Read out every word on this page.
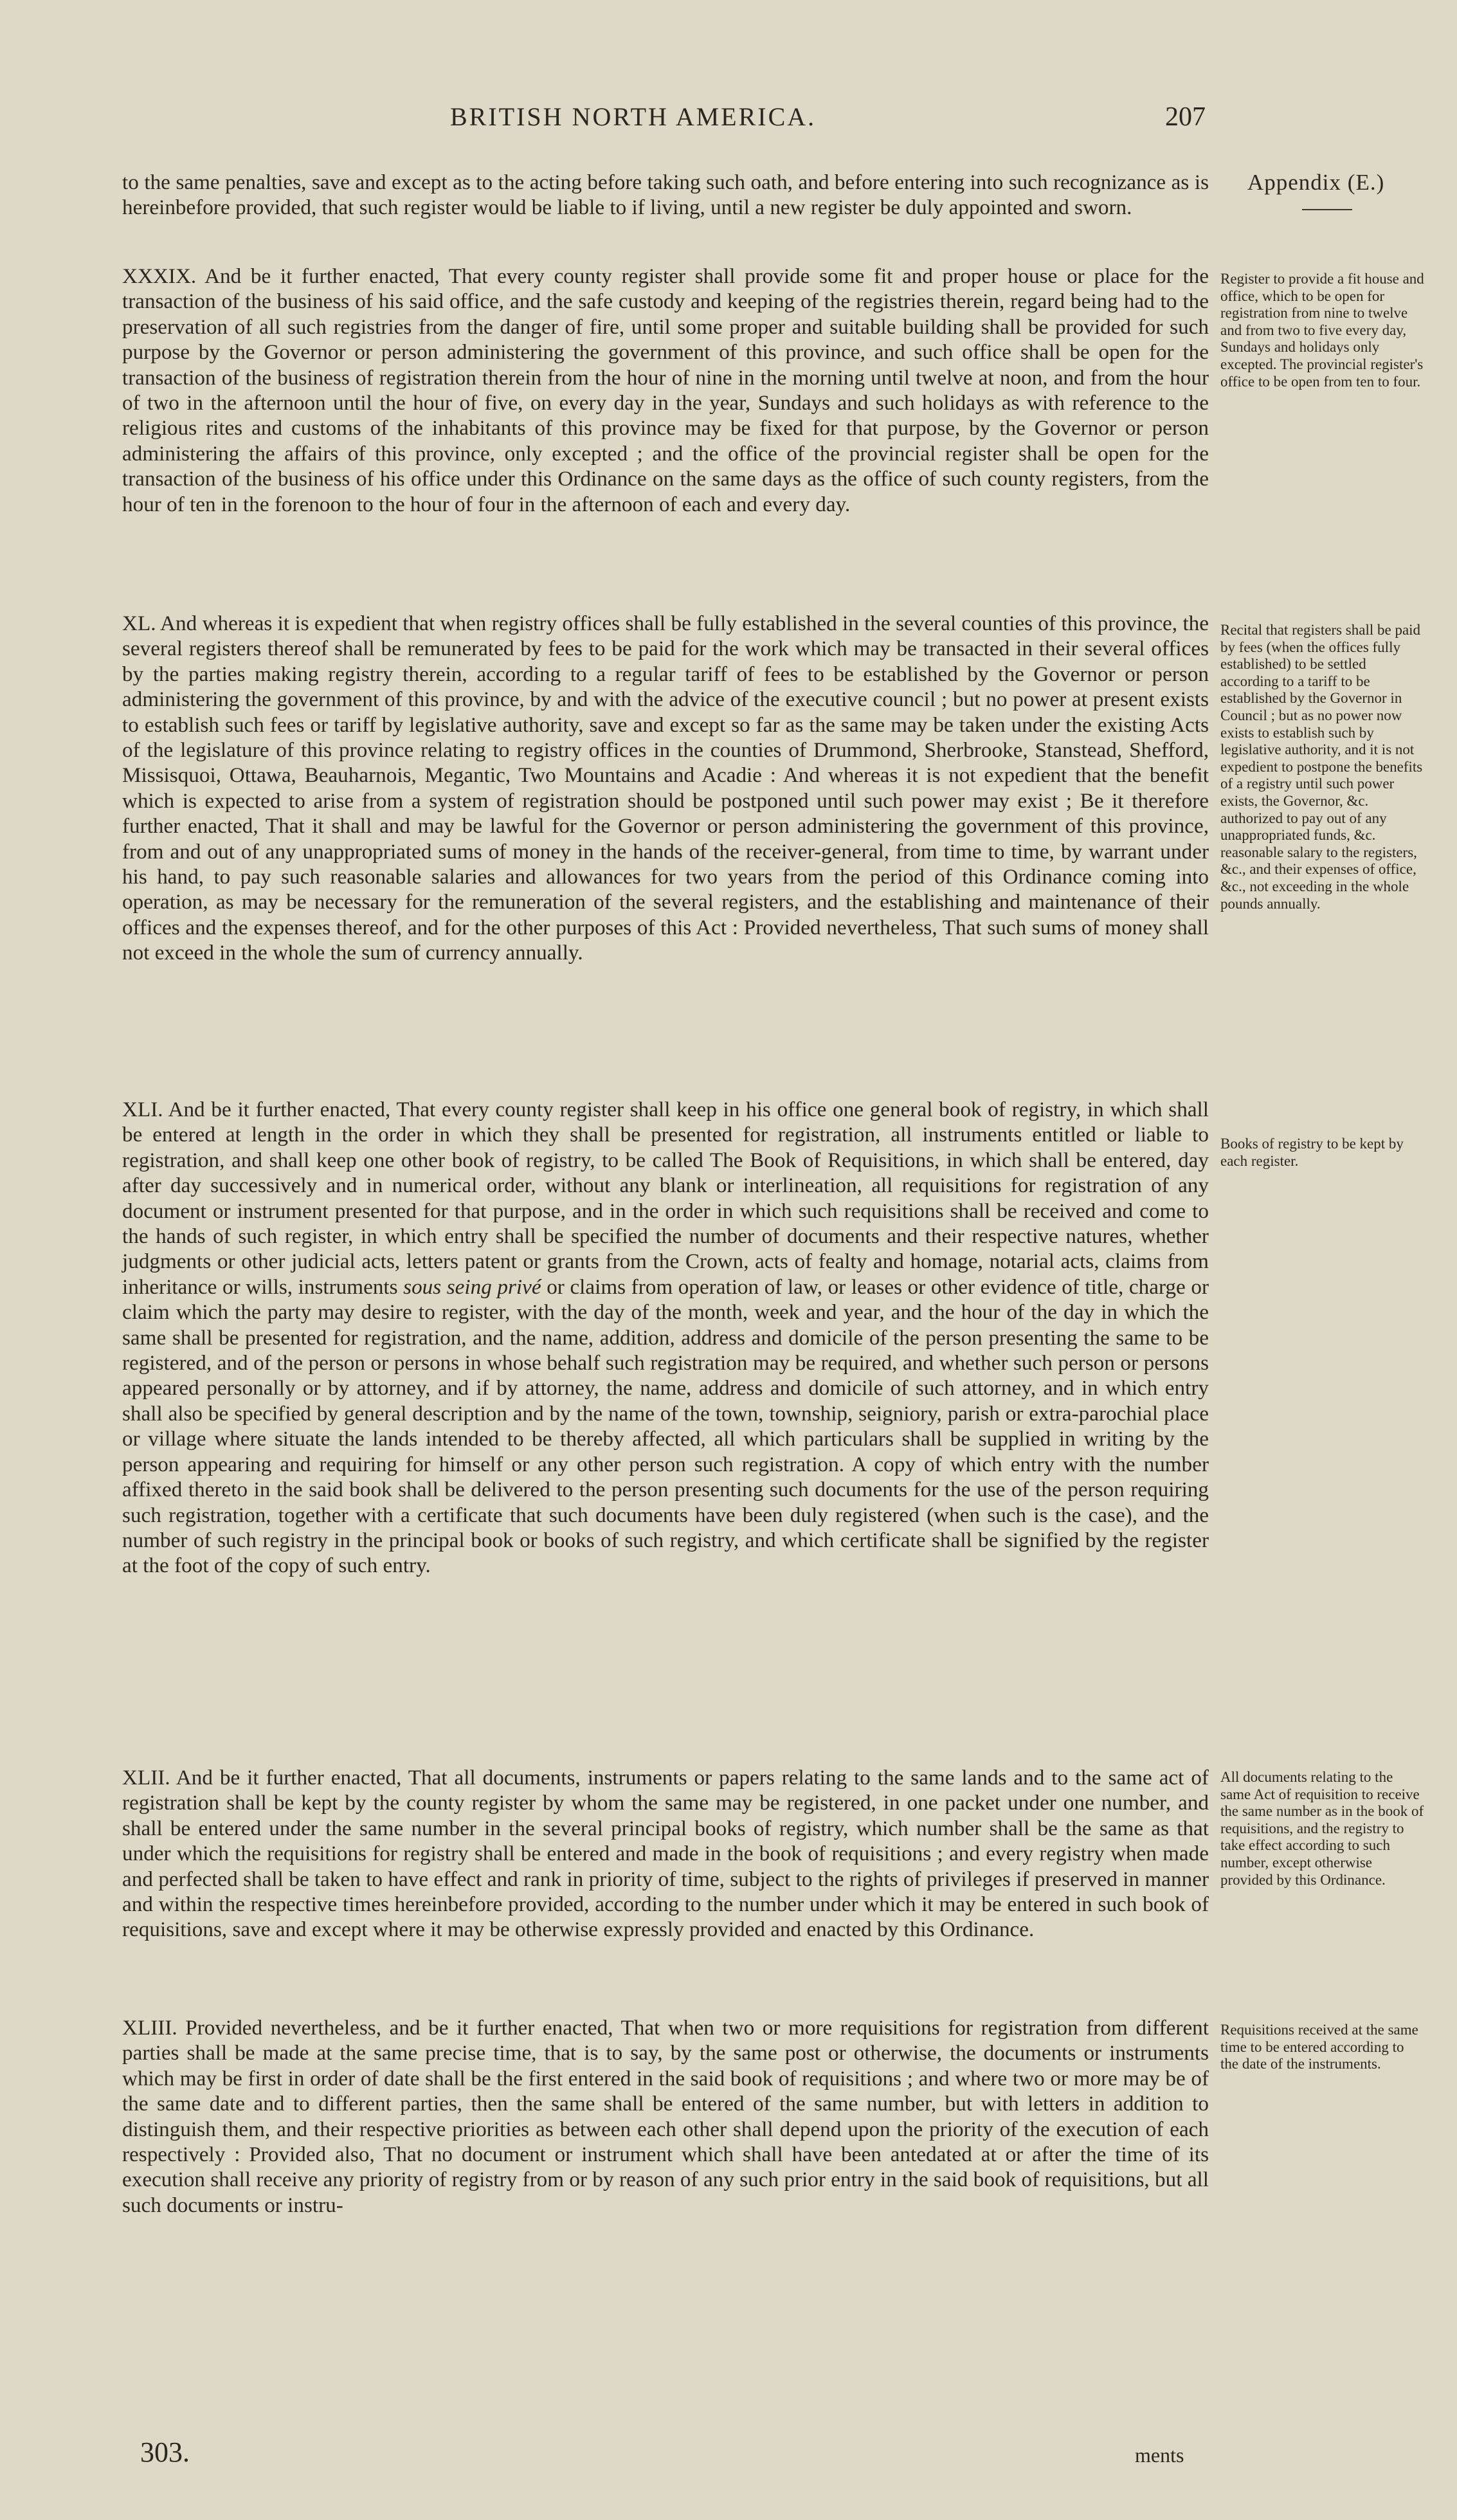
BRITISH NORTH AMERICA.	207
Appendix (E.)

to the same penalties, save and except as to the acting before taking such oath, and before entering into such recognizance as is hereinbefore provided, that such register would be liable to if living, until a new register be duly appointed and sworn.

XXXIX. And be it further enacted, That every county register shall provide some fit and proper house or place for the transaction of the business of his said office, and the safe custody and keeping of the registries therein, regard being had to the preservation of all such registries from the danger of fire, until some proper and suitable building shall be provided for such purpose by the Governor or person administering the government of this province, and such office shall be open for the transaction of the business of registration therein from the hour of nine in the morning until twelve at noon, and from the hour of two in the afternoon until the hour of five, on every day in the year, Sundays and such holidays as with reference to the religious rites and customs of the inhabitants of this province may be fixed for that purpose, by the Governor or person administering the affairs of this province, only excepted ; and the office of the provincial register shall be open for the transaction of the business of his office under this Ordinance on the same days as the office of such county registers, from the hour of ten in the forenoon to the hour of four in the afternoon of each and every day.

XL. And whereas it is expedient that when registry offices shall be fully established in the several counties of this province, the several registers thereof shall be remunerated by fees to be paid for the work which may be transacted in their several offices by the parties making registry therein, according to a regular tariff of fees to be established by the Governor or person administering the government of this province, by and with the advice of the executive council ; but no power at present exists to establish such fees or tariff by legislative authority, save and except so far as the same may be taken under the existing Acts of the legislature of this province relating to registry offices in the counties of Drummond, Sherbrooke, Stanstead, Shefford, Missisquoi, Ottawa, Beauharnois, Megantic, Two Mountains and Acadie : And whereas it is not expedient that the benefit which is expected to arise from a system of registration should be postponed until such power may exist ; Be it therefore further enacted, That it shall and may be lawful for the Governor or person administering the government of this province, from and out of any unappropriated sums of money in the hands of the receiver-general, from time to time, by warrant under his hand, to pay such reasonable salaries and allowances for two years from the period of this Ordinance coming into operation, as may be necessary for the remuneration of the several registers, and the establishing and maintenance of their offices and the expenses thereof, and for the other purposes of this Act : Provided nevertheless, That such sums of money shall not exceed in the whole the sum of currency annually.

XLI. And be it further enacted, That every county register shall keep in his office one general book of registry, in which shall be entered at length in the order in which they shall be presented for registration, all instruments entitled or liable to registration, and shall keep one other book of registry, to be called The Book of Requisitions, in which shall be entered, day after day successively and in numerical order, without any blank or interlineation, all requisitions for registration of any document or instrument presented for that purpose, and in the order in which such requisitions shall be received and come to the hands of such register, in which entry shall be specified the number of documents and their respective natures, whether judgments or other judicial acts, letters patent or grants from the Crown, acts of fealty and homage, notarial acts, claims from inheritance or wills, instruments sous seing privé or claims from operation of law, or leases or other evidence of title, charge or claim which the party may desire to register, with the day of the month, week and year, and the hour of the day in which the same shall be presented for registration, and the name, addition, address and domicile of the person presenting the same to be registered, and of the person or persons in whose behalf such registration may be required, and whether such person or persons appeared personally or by attorney, and if by attorney, the name, address and domicile of such attorney, and in which entry shall also be specified by general description and by the name of the town, township, seigniory, parish or extra-parochial place or village where situate the lands intended to be thereby affected, all which particulars shall be supplied in writing by the person appearing and requiring for himself or any other person such registration. A copy of which entry with the number affixed thereto in the said book shall be delivered to the person presenting such documents for the use of the person requiring such registration, together with a certificate that such documents have been duly registered (when such is the case), and the number of such registry in the principal book or books of such registry, and which certificate shall be signified by the register at the foot of the copy of such entry.

XLII. And be it further enacted, That all documents, instruments or papers relating to the same lands and to the same act of registration shall be kept by the county register by whom the same may be registered, in one packet under one number, and shall be entered under the same number in the several principal books of registry, which number shall be the same as that under which the requisitions for registry shall be entered and made in the book of requisitions ; and every registry when made and perfected shall be taken to have effect and rank in priority of time, subject to the rights of privileges if preserved in manner and within the respective times hereinbefore provided, according to the number under which it may be entered in such book of requisitions, save and except where it may be otherwise expressly provided and enacted by this Ordinance.

XLIII. Provided nevertheless, and be it further enacted, That when two or more requisitions for registration from different parties shall be made at the same precise time, that is to say, by the same post or otherwise, the documents or instruments which may be first in order of date shall be the first entered in the said book of requisitions ; and where two or more may be of the same date and to different parties, then the same shall be entered of the same number, but with letters in addition to distinguish them, and their respective priorities as between each other shall depend upon the priority of the execution of each respectively : Provided also, That no document or instrument which shall have been antedated at or after the time of its execution shall receive any priority of registry from or by reason of any such prior entry in the said book of requisitions, but all such documents or instru-

Register to provide a fit house and office, which to be open for registration from nine to twelve and from two to five every day, Sundays and holidays only excepted. The provincial register's office to be open from ten to four.

Recital that registers shall be paid by fees (when the offices fully established) to be settled according to a tariff to be established by the Governor in Council ; but as no power now exists to establish such by legislative authority, and it is not expedient to postpone the benefits of a registry until such power exists, the Governor, &c. authorized to pay out of any unappropriated funds, &c. reasonable salary to the registers, &c., and their expenses of office, &c., not exceeding in the whole pounds annually.

Books of registry to be kept by each register.

All documents relating to the same Act of requisition to receive the same number as in the book of requisitions, and the registry to take effect according to such number, except otherwise provided by this Ordinance.

Requisitions received at the same time to be entered according to the date of the instruments.

303.	ments
